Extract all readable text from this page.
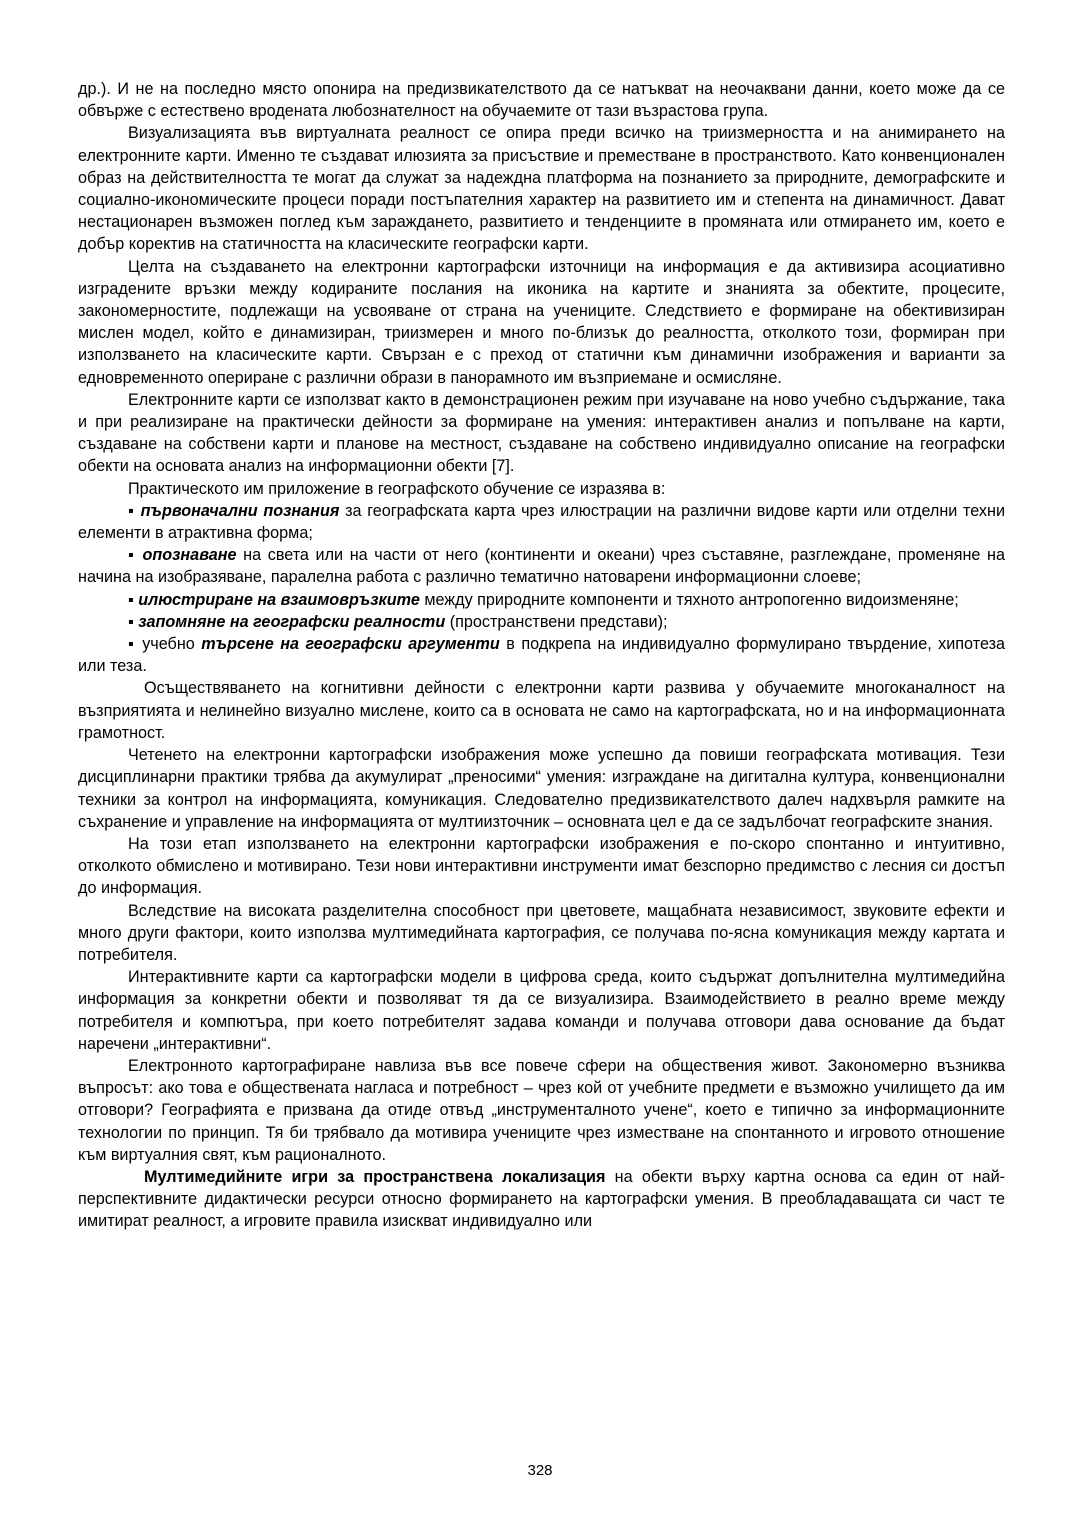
др.). И не на последно място опонира на предизвикателството да се натъкват на неочаквани данни, което може да се обвърже с естествено вродената любознателност на обучаемите от тази възрастова група.

Визуализацията във виртуалната реалност се опира преди всичко на триизмерността и на анимирането на електронните карти. Именно те създават илюзията за присъствие и преместване в пространството. Като конвенционален образ на действителността те могат да служат за надеждна платформа на познанието за природните, демографските и социално-икономическите процеси поради постъпателния характер на развитието им и степента на динамичност. Дават нестационарен възможен поглед към зараждането, развитието и тенденциите в промяната или отмирането им, което е добър коректив на статичността на класическите географски карти.

Целта на създаването на електронни картографски източници на информация е да активизира асоциативно изградените връзки между кодираните послания на иконика на картите и знанията за обектите, процесите, закономерностите, подлежащи на усвояване от страна на учениците. Следствието е формиране на обективизиран мислен модел, който е динамизиран, триизмерен и много по-близък до реалността, отколкото този, формиран при използването на класическите карти. Свързан е с преход от статични към динамични изображения и варианти за едновременното опериране с различни образи в панорамното им възприемане и осмисляне.

Електронните карти се използват както в демонстрационен режим при изучаване на ново учебно съдържание, така и при реализиране на практически дейности за формиране на умения: интерактивен анализ и попълване на карти, създаване на собствени карти и планове на местност, създаване на собствено индивидуално описание на географски обекти на основата анализ на информационни обекти [7].

Практическото им приложение в географското обучение се изразява в:

▪ първоначални познания за географската карта чрез илюстрации на различни видове карти или отделни техни елементи в атрактивна форма;

▪ опознаване на света или на части от него (континенти и океани) чрез съставяне, разглеждане, променяне на начина на изобразяване, паралелна работа с различно тематично натоварени информационни слоеве;

▪ илюстриране на взаимовръзките между природните компоненти и тяхното антропогенно видоизменяне;

▪ запомняне на географски реалности (пространствени представи);

▪ учебно търсене на географски аргументи в подкрепа на индивидуално формулирано твърдение, хипотеза или теза.

Осъществяването на когнитивни дейности с електронни карти развива у обучаемите многоканалност на възприятията и нелинейно визуално мислене, които са в основата не само на картографската, но и на информационната грамотност.

Четенето на електронни картографски изображения може успешно да повиши географската мотивация. Тези дисциплинарни практики трябва да акумулират „преносими“ умения: изграждане на дигитална култура, конвенционални техники за контрол на информацията, комуникация. Следователно предизвикателството далеч надхвърля рамките на съхранение и управление на информацията от мултиизточник – основната цел е да се задълбочат географските знания.

На този етап използването на електронни картографски изображения е по-скоро спонтанно и интуитивно, отколкото обмислено и мотивирано. Тези нови интерактивни инструменти имат безспорно предимство с лесния си достъп до информация.

Вследствие на високата разделителна способност при цветовете, мащабната независимост, звуковите ефекти и много други фактори, които използва мултимедийната картография, се получава по-ясна комуникация между картата и потребителя.

Интерактивните карти са картографски модели в цифрова среда, които съдържат допълнителна мултимедийна информация за конкретни обекти и позволяват тя да се визуализира. Взаимодействието в реално време между потребителя и компютъра, при което потребителят задава команди и получава отговори дава основание да бъдат наречени „интерактивни“.

Електронното картографиране навлиза във все повече сфери на обществения живот. Закономерно възниква въпросът: ако това е обществената нагласа и потребност – чрез кой от учебните предмети е възможно училището да им отговори? Географията е призвана да отиде отвъд „инструменталното учене“, което е типично за информационните технологии по принцип. Тя би трябвало да мотивира учениците чрез изместване на спонтанното и игровото отношение към виртуалния свят, към рационалното.

Мултимедийните игри за пространствена локализация на обекти върху картна основа са един от най-перспективните дидактически ресурси относно формирането на картографски умения. В преобладаващата си част те имитират реалност, а игровите правила изискват индивидуално или

328
